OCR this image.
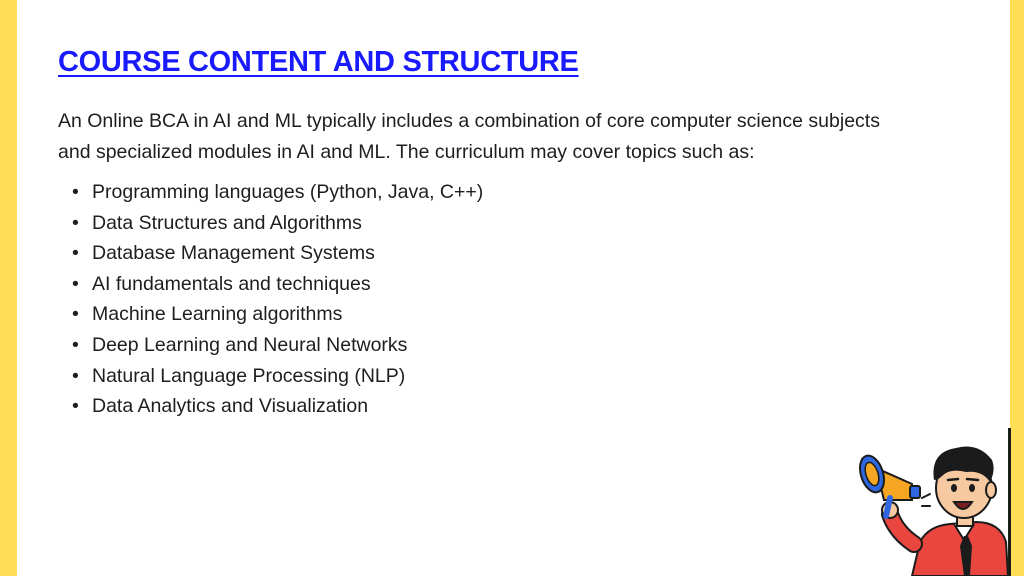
COURSE CONTENT AND STRUCTURE

An Online BCA in AI and ML typically includes a combination of core computer science subjects and specialized modules in AI and ML. The curriculum may cover topics such as:

• Programming languages (Python, Java, C++)
• Data Structures and Algorithms
• Database Management Systems
• AI fundamentals and techniques
• Machine Learning algorithms
• Deep Learning and Neural Networks
• Natural Language Processing (NLP)
• Data Analytics and Visualization
